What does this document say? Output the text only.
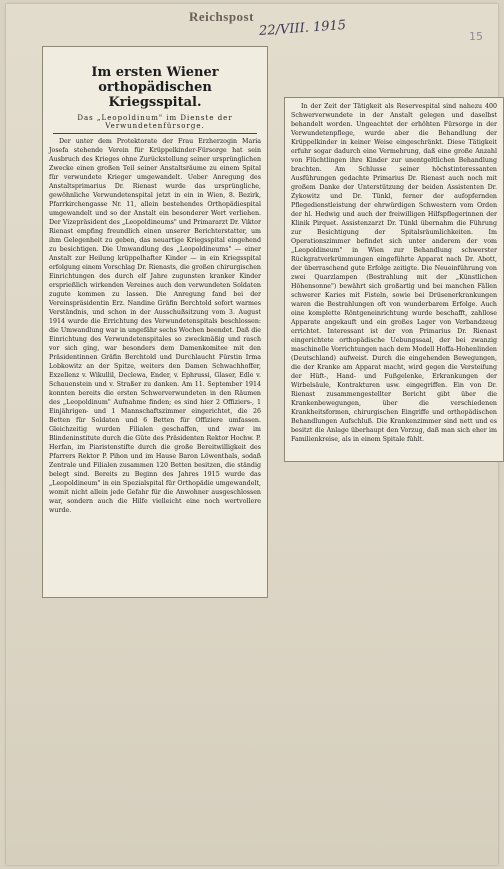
Reichspost
22/VIII. 1915	15
Im ersten Wiener orthopädischen
Kriegsspital.
Das „Leopoldinum" im Dienste der Verwundetenfürsorge.

Der unter dem Protektorate der Frau Erzherzogin Maria Josefa stehende Verein für Krüppelkinder-Fürsorge hat sein Ausbruch des Krieges ohne Zurückstellung seiner ursprünglichen Zwecke einen großen Teil seiner Anstaltsräume zu einem Spital für verwundete Krieger umgewandelt. Ueber Anregung des Anstaltsprimarius Dr. Rienast wurde das ursprüngliche, gewöhnliche Verwundetenspital jetzt in ein in Wien, 8. Bezirk, Pfarrkirchengasse Nr. 11, allein bestehendes Orthopädiespital umgewandelt und so der Anstalt ein besonderer Wert verliehen. Der Vizepräsident des „Leopoldineums" und Primararzt Dr. Viktor Rienast empfing freundlich einen unserer Berichterstatter, um ihm Gelegenheit zu geben, das neuartige Kriegsspital eingehend zu besichtigen. Die Umwandlung des „Leopoldineums" — einer Anstalt zur Heilung krüppelhafter Kinder — in ein Kriegsspital erfolgung einem Vorschlag Dr. Rienasts, die großen chirurgischen Einrichtungen des durch elf Jahre zugunsten kranker Kinder ersprießlich wirkenden Vereines auch den verwundeten Soldaten zugute kommen zu lassen. Die Anregung fand bei der Vereinspräsidentin Erz. Nandine Gräfin Berchtold sofort warmes Verständnis, und schon in der Ausschußsitzung vom 3. August 1914 wurde die Errichtung des Verwundetenspitals beschlossen: die Umwandlung war in ungefähr sechs Wochen beendet. Daß die Einrichtung des Verwundetenspitales so zweckmäßig und rasch vor sich ging, war besonders dem Damenkomitee mit den Präsidentinnen Gräfin Berchtold und Durchlaucht Fürstin Irma Lobkowitz an der Spitze, weiters den Damen Schwachhoffer, Exzellenz v. Wikullil, Declewa, Ender, v. Ephrussi, Glaser, Edle v. Schauenstein und v. Straßer zu danken. Am 11. September 1914 konnten bereits die ersten Schwerverwundeten in den Räumen des „Leopoldinum" Aufnahme finden; es sind hier 2 Offiziers-, 1 Einjährigen- und 1 Mannschaftszimmer eingerichtet, die 26 Betten für Soldaten und 6 Betten für Offiziere umfassen. Gleichzeitig wurden Filialen geschaffen, und zwar im Blindeninstitute durch die Güte des Präsidenten Rektor Hochw. P. Herfan, im Piaristenstifte durch die große Bereitwilligkeit des Pfarrers Rektor P. Pihon und im Hause Baron Löwenthals, sodaß Zentrale und Filialen zusammen 120 Betten besitzen, die ständig belegt sind. Bereits zu Beginn des Jahres 1915 wurde das „Leopoldineum" in ein Spezialspital für Orthopädie umgewandelt, womit nicht allein jede Gefahr für die Anwohner ausgeschlossen war, sondern auch die Hilfe vielleicht eine noch wertvollere wurde.

In der Zeit der Tätigkeit als Reservespital sind nahezu 400 Schwerverwundete in der Anstalt gelegen und daselbst behandelt worden. Ungeachtet der erhöhten Fürsorge in der Verwundetenpflege, wurde aber die Behandlung der Krüppelkinder in keiner Weise eingeschränkt. Diese Tätigkeit erfuhr sogar dadurch eine Vermehrung, daß eine große Anzahl von Flüchtlingen ihre Kinder zur unentgeltlichen Behandlung brachten. Am Schlusse seiner höchstinteressanten Ausführungen gedachte Primarius Dr. Rienast auch noch mit großem Danke der Unterstützung der beiden Assistenten Dr. Zykowitz und Dr. Tünkl, ferner der aufopfernden Pflegedienstleistung der ehrwürdigen Schwestern vom Orden der hl. Hedwig und auch der freiwilligen Hilfspflegerinnen der Klinik Pirquet. Assistenzarzt Dr. Tünkl übernahm die Führung zur Besichtigung der Spitalsräumlichkeiten. Im Operationszimmer befindet sich unter anderem der vom „Leopoldineum" in Wien zur Behandlung schwerster Rückgratverkrümmungen eingeführte Apparat nach Dr. Abott, der überraschend gute Erfolge zeitigte. Die Neueinführung von zwei Quarzlampen (Bestrahlung mit der „Künstlichen Höhensonne") bewährt sich großartig und bei manchen Fällen schwerer Karies mit Fisteln, sowie bei Drüsenerkrankungen waren die Bestrahlungen oft von wunderbarem Erfolge. Auch eine komplette Röntgeneinrichtung wurde beschafft, zahllose Apparate angekauft und ein großes Lager von Verbandzeug errichtet. Interessant ist der von Primarius Dr. Rienast eingerichtete orthopädische Uebungssaal, der bei zwanzig maschinelle Vorrichtungen nach dem Modell Hoffa-Hohenlinden (Deutschland) aufweist. Durch die eingehenden Bewegungen, die der Kranke am Apparat macht, wird gegen die Versteifung der Hüft-, Hand- und Fußgelenke, Erkrankungen der Wirbelsäule, Kontrakturen usw. eingegriffen. Ein von Dr. Rienast zusammengestellter Bericht gibt über die Krankenbewegungen, über die verschiedenen Krankheitsformen, chirurgischen Eingriffe und orthopädischen Behandlungen Aufschluß. Die Krankenzimmer sind nett und es besitzt die Anlage überhaupt den Vorzug, daß man sich eher im Familienkreise, als in einem Spitale fühlt.
